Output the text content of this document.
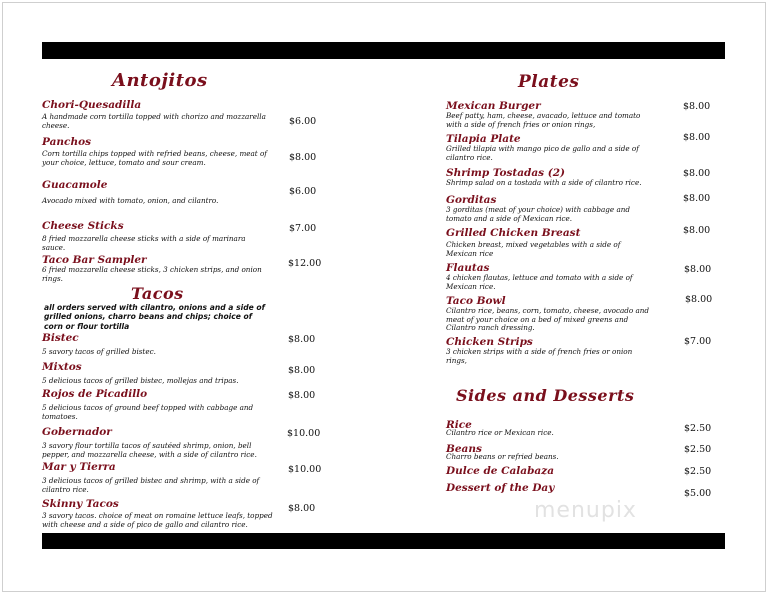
Antojitos
Chori-Quesadilla
A handmade corn tortilla topped with chorizo and mozzarella cheese.	$6.00
Panchos
Corn tortilla chips topped with refried beans, cheese, meat of your choice, lettuce, tomato and sour cream.	$8.00
Guacamole
Avocado mixed with tomato, onion, and cilantro.
$6.00
Cheese Sticks
8 fried mozzarella cheese sticks with a side of marinara sauce.
$7.00
Taco Bar Sampler
6 fried mozzarella cheese sticks, 3 chicken strips, and onion rings.
$12.00
Tacos
all orders served with cilantro, onions and a side of grilled onions, charro beans and chips; choice of corn or flour tortilla
Bistec
5 savory tacos of grilled bistec.
$8.00
Mixtos
5 delicious tacos of grilled bistec, mollejas and tripas.
$8.00
Rojos de Picadillo
5 delicious tacos of ground beef topped with cabbage and tomatoes.
$8.00
Gobernador
3 savory flour tortilla tacos of sautéed shrimp, onion, bell pepper, and mozzarella cheese, with a side of cilantro rice.
$10.00
Mar y Tierra
3 delicious tacos of grilled bistec and shrimp, with a side of cilantro rice.
$10.00
Skinny Tacos
3 savory tacos. choice of meat on romaine lettuce leafs, topped with cheese and a side of pico de gallo and cilantro rice.
$8.00
Plates
Mexican Burger
Beef patty, ham, cheese, avacado, lettuce and tomato with a side of french fries or onion rings,
$8.00
Tilapia Plate
Grilled tilapia with mango pico de gallo and a side of cilantro rice.
$8.00
Shrimp Tostadas (2)
Shrimp salad on a tostada with a side of cilantro rice.
$8.00
Gorditas
3 gorditas (meat of your choice) with cabbage and tomato and a side of Mexican rice.
$8.00
Grilled Chicken Breast
Chicken breast, mixed vegetables with a side of Mexican rice
$8.00
Flautas
4 chicken flautas, lettuce and tomato with a side of Mexican rice.
$8.00
Taco Bowl
Cilantro rice, beans, corn, tomato, cheese, avocado and meat of your choice on a bed of mixed greens and Cilantro ranch dressing.
$8.00
Chicken Strips
3 chicken strips with a side of french fries or onion rings,
$7.00
Sides and Desserts
Rice
Cilantro rice or Mexican rice.	$2.50
Beans
Charro beans or refried beans.
$2.50
Dulce de Calabaza	$2.50
Dessert of the Day	$5.00
menupix
